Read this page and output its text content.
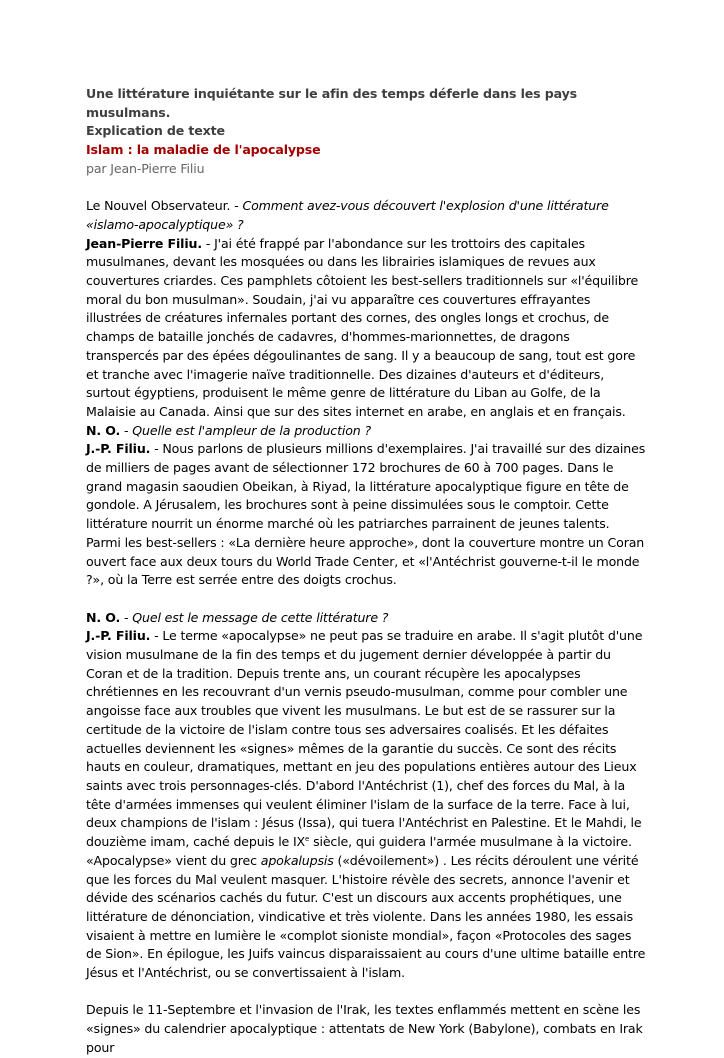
Une littérature inquiétante sur le afin des temps déferle dans les pays musulmans.
Explication de texte
Islam : la maladie de l'apocalypse
par Jean-Pierre Filiu

Le Nouvel Observateur. - Comment avez-vous découvert l'explosion d'une littérature «islamo-apocalyptique» ?

Jean-Pierre Filiu. - J'ai été frappé par l'abondance sur les trottoirs des capitales musulmanes, devant les mosquées ou dans les librairies islamiques de revues aux couvertures criardes. Ces pamphlets côtoient les best-sellers traditionnels sur «l'équilibre moral du bon musulman». Soudain, j'ai vu apparaître ces couvertures effrayantes illustrées de créatures infernales portant des cornes, des ongles longs et crochus, de champs de bataille jonchés de cadavres, d'hommes-marionnettes, de dragons transpercés par des épées dégoulinantes de sang. Il y a beaucoup de sang, tout est gore et tranche avec l'imagerie naïve traditionnelle. Des dizaines d'auteurs et d'éditeurs, surtout égyptiens, produisent le même genre de littérature du Liban au Golfe, de la Malaisie au Canada. Ainsi que sur des sites internet en arabe, en anglais et en français.

N. O. - Quelle est l'ampleur de la production ?

J.-P. Filiu. - Nous parlons de plusieurs millions d'exemplaires. J'ai travaillé sur des dizaines de milliers de pages avant de sélectionner 172 brochures de 60 à 700 pages. Dans le grand magasin saoudien Obeikan, à Riyad, la littérature apocalyptique figure en tête de gondole. A Jérusalem, les brochures sont à peine dissimulées sous le comptoir. Cette littérature nourrit un énorme marché où les patriarches parrainent de jeunes talents. Parmi les best-sellers : «La dernière heure approche», dont la couverture montre un Coran ouvert face aux deux tours du World Trade Center, et «l'Antéchrist gouverne-t-il le monde ?», où la Terre est serrée entre des doigts crochus.

N. O. - Quel est le message de cette littérature ?

J.-P. Filiu. - Le terme «apocalypse» ne peut pas se traduire en arabe. Il s'agit plutôt d'une vision musulmane de la fin des temps et du jugement dernier développée à partir du Coran et de la tradition. Depuis trente ans, un courant récupère les apocalypses chrétiennes en les recouvrant d'un vernis pseudo-musulman, comme pour combler une angoisse face aux troubles que vivent les musulmans. Le but est de se rassurer sur la certitude de la victoire de l'islam contre tous ses adversaires coalisés. Et les défaites actuelles deviennent les «signes» mêmes de la garantie du succès. Ce sont des récits hauts en couleur, dramatiques, mettant en jeu des populations entières autour des Lieux saints avec trois personnages-clés. D'abord l'Antéchrist (1), chef des forces du Mal, à la tête d'armées immenses qui veulent éliminer l'islam de la surface de la terre. Face à lui, deux champions de l'islam : Jésus (Issa), qui tuera l'Antéchrist en Palestine. Et le Mahdi, le douzième imam, caché depuis le IXe siècle, qui guidera l'armée musulmane à la victoire.

«Apocalypse» vient du grec apokalupsis («dévoilement») . Les récits déroulent une vérité que les forces du Mal veulent masquer. L'histoire révèle des secrets, annonce l'avenir et dévide des scénarios cachés du futur. C'est un discours aux accents prophétiques, une littérature de dénonciation, vindicative et très violente. Dans les années 1980, les essais visaient à mettre en lumière le «complot sioniste mondial», façon «Protocoles des sages de Sion». En épilogue, les Juifs vaincus disparaissaient au cours d'une ultime bataille entre Jésus et l'Antéchrist, ou se convertissaient à l'islam.

Depuis le 11-Septembre et l'invasion de l'Irak, les textes enflammés mettent en scène les «signes» du calendrier apocalyptique : attentats de New York (Babylone), combats en Irak pour
